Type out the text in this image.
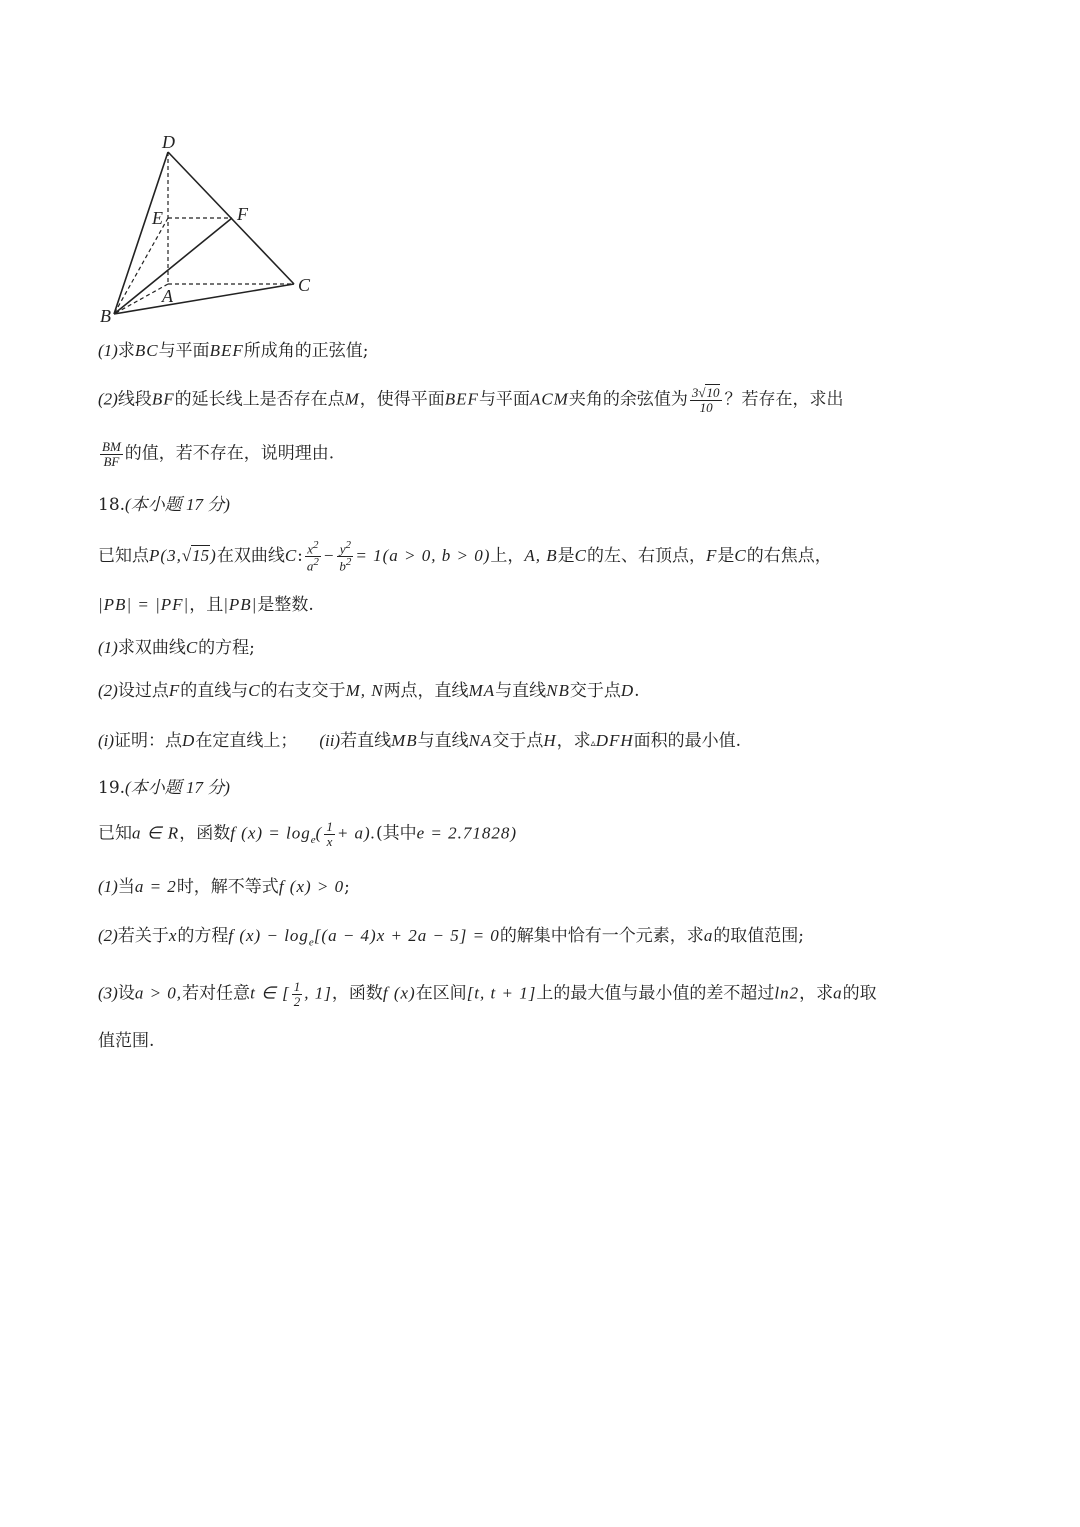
D
E	F
A
C
B
(1)求BC与平面BEF所成角的正弦值;
(2)线段BF的延长线上是否存在点M，使得平面BEF与平面ACM夹角的余弦值为 $\frac{3√10}{10}$ ？若存在，求出
$\frac{BM}{BF}$ 的值，若不存在，说明理由.
18.(本小题 17 分)
已知点P(3,√15)在双曲线C: $\frac{x^2}{a^2} - \frac{y^2}{b^2} = 1(a > 0$, b > 0)上，A, B是C的左、右顶点，F是C的右焦点，
|PB| = |PF|，且|PB|是整数.
(1)求双曲线C的方程;
(2)设过点F的直线与C的右支交于M, N两点，直线MA与直线NB交于点D.
(i)证明：点D在定直线上； (ii)若直线MB与直线NA交于点H，求▵DFH面积的最小值.
19.(本小题 17 分)
已知a ∈ R，函数f $(x) = \log_e( \frac{1}{x} + a)$.(其中e = 2.71828)
(1)当a = 2时，解不等式f (x) > 0;
(2)若关于x的方程f $(x) - \log_e[(a - 4)x + 2a - 5] = 0$的解集中恰有一个元素，求a的取值范围;
(3)设a > 0,若对任意t ∈ [ $\frac{1}{2}$ , 1]，函数f (x)在区间[t, t + 1]上的最大值与最小值的差不超过ln2，求a的取
值范围.
